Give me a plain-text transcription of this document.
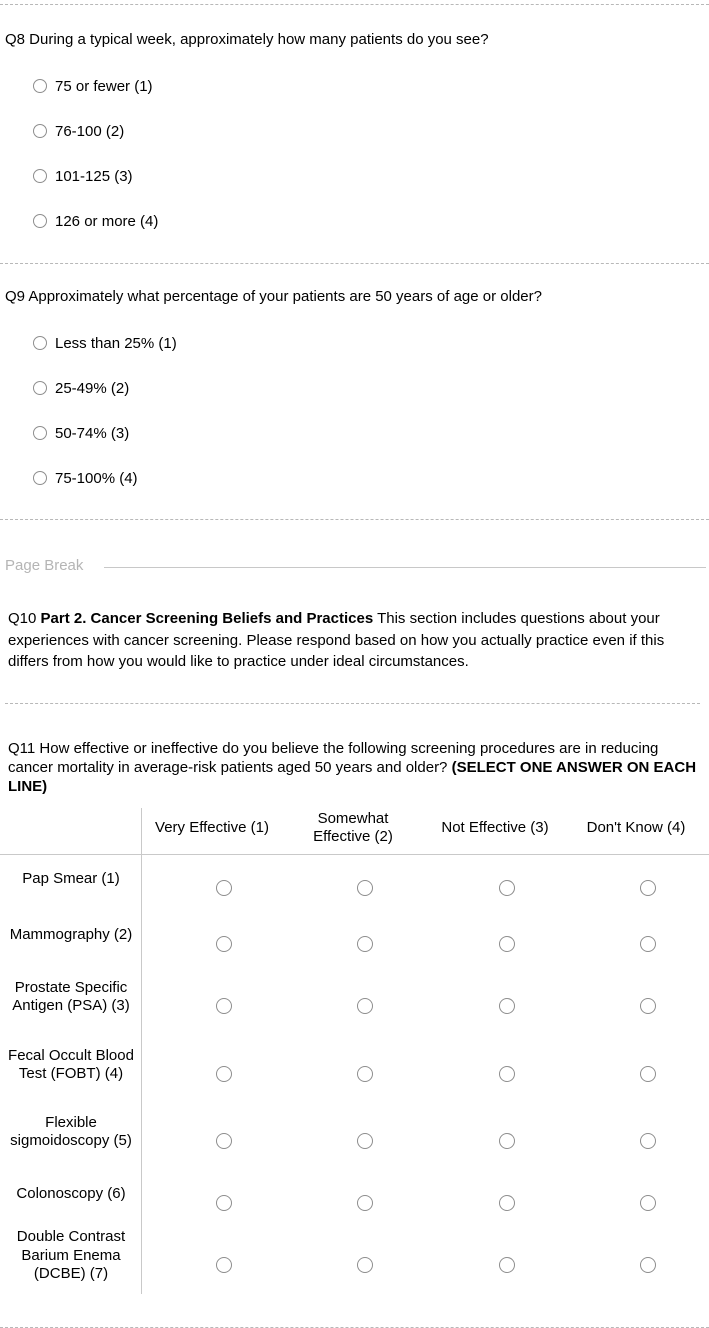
Q8 During a typical week, approximately how many patients do you see?
75 or fewer (1)
76-100 (2)
101-125 (3)
126 or more (4)
Q9 Approximately what percentage of your patients are 50 years of age or older?
Less than 25% (1)
25-49% (2)
50-74% (3)
75-100% (4)
Page Break
Q10 Part 2. Cancer Screening Beliefs and Practices This section includes questions about your experiences with cancer screening. Please respond based on how you actually practice even if this differs from how you would like to practice under ideal circumstances.
Q11 How effective or ineffective do you believe the following screening procedures are in reducing cancer mortality in average-risk patients aged 50 years and older? (SELECT ONE ANSWER ON EACH LINE)
Very Effective (1)
Somewhat Effective (2)
Not Effective (3)	Don't Know (4)
Pap Smear (1)
Mammography (2)
Prostate Specific Antigen (PSA) (3)
Fecal Occult Blood Test (FOBT) (4)
Flexible sigmoidoscopy (5)
Colonoscopy (6)
Double Contrast Barium Enema (DCBE) (7)
